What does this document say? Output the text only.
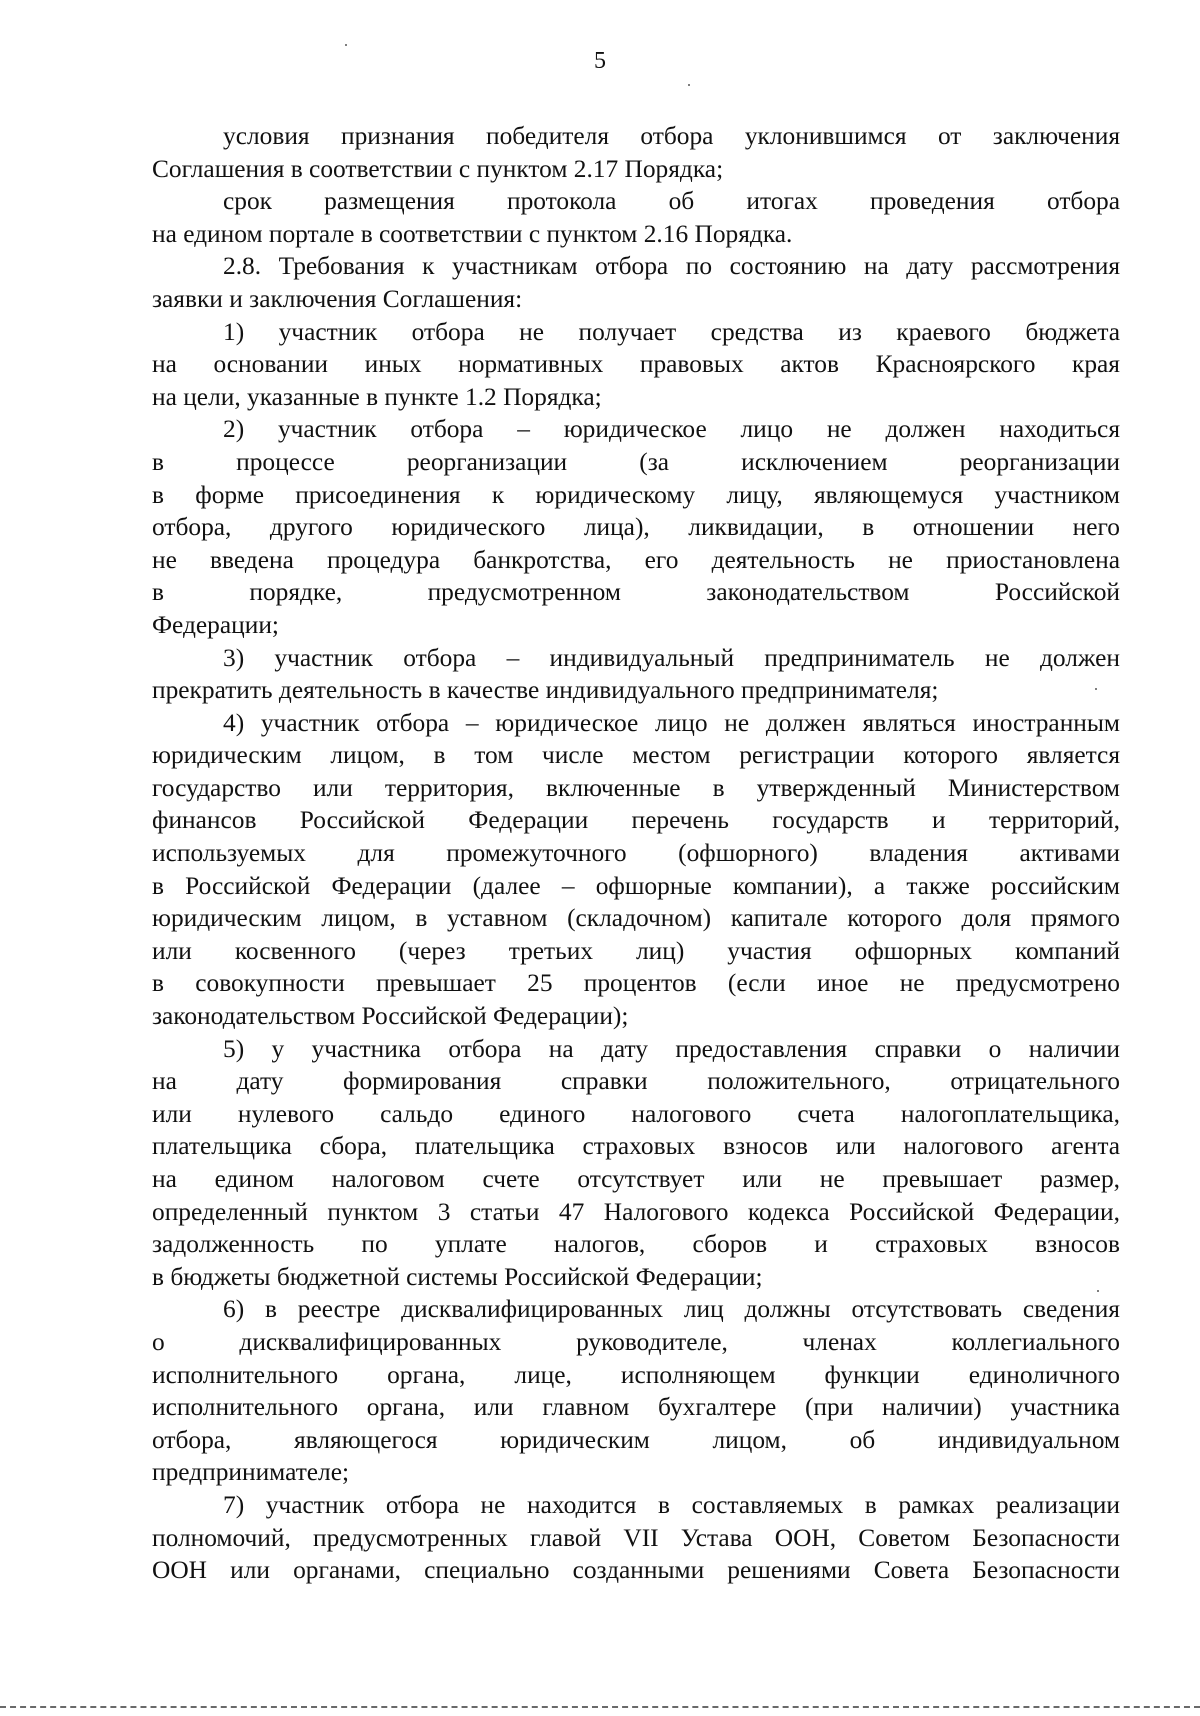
5

условия признания победителя отбора уклонившимся от заключения
Соглашения в соответствии с пунктом 2.17 Порядка;

срок размещения протокола об итогах проведения отбора
на едином портале в соответствии с пунктом 2.16 Порядка.

2.8. Требования к участникам отбора по состоянию на дату рассмотрения
заявки и заключения Соглашения:

1) участник отбора не получает средства из краевого бюджета
на основании иных нормативных правовых актов Красноярского края
на цели, указанные в пункте 1.2 Порядка;

2) участник отбора – юридическое лицо не должен находиться
в процессе реорганизации (за исключением реорганизации
в форме присоединения к юридическому лицу, являющемуся участником
отбора, другого юридического лица), ликвидации, в отношении него
не введена процедура банкротства, его деятельность не приостановлена
в порядке, предусмотренном законодательством Российской
Федерации;

3) участник отбора – индивидуальный предприниматель не должен
прекратить деятельность в качестве индивидуального предпринимателя;

4) участник отбора – юридическое лицо не должен являться иностранным
юридическим лицом, в том числе местом регистрации которого является
государство или территория, включенные в утвержденный Министерством
финансов Российской Федерации перечень государств и территорий,
используемых для промежуточного (офшорного) владения активами
в Российской Федерации (далее – офшорные компании), а также российским
юридическим лицом, в уставном (складочном) капитале которого доля прямого
или косвенного (через третьих лиц) участия офшорных компаний
в совокупности превышает 25 процентов (если иное не предусмотрено
законодательством Российской Федерации);

5) у участника отбора на дату предоставления справки о наличии
на дату формирования справки положительного, отрицательного
или нулевого сальдо единого налогового счета налогоплательщика,
плательщика сбора, плательщика страховых взносов или налогового агента
на едином налоговом счете отсутствует или не превышает размер,
определенный пунктом 3 статьи 47 Налогового кодекса Российской Федерации,
задолженность по уплате налогов, сборов и страховых взносов
в бюджеты бюджетной системы Российской Федерации;

6) в реестре дисквалифицированных лиц должны отсутствовать сведения
о дисквалифицированных руководителе, членах коллегиального
исполнительного органа, лице, исполняющем функции единоличного
исполнительного органа, или главном бухгалтере (при наличии) участника
отбора, являющегося юридическим лицом, об индивидуальном
предпринимателе;

7) участник отбора не находится в составляемых в рамках реализации
полномочий, предусмотренных главой VII Устава ООН, Советом Безопасности
ООН или органами, специально созданными решениями Совета Безопасности
